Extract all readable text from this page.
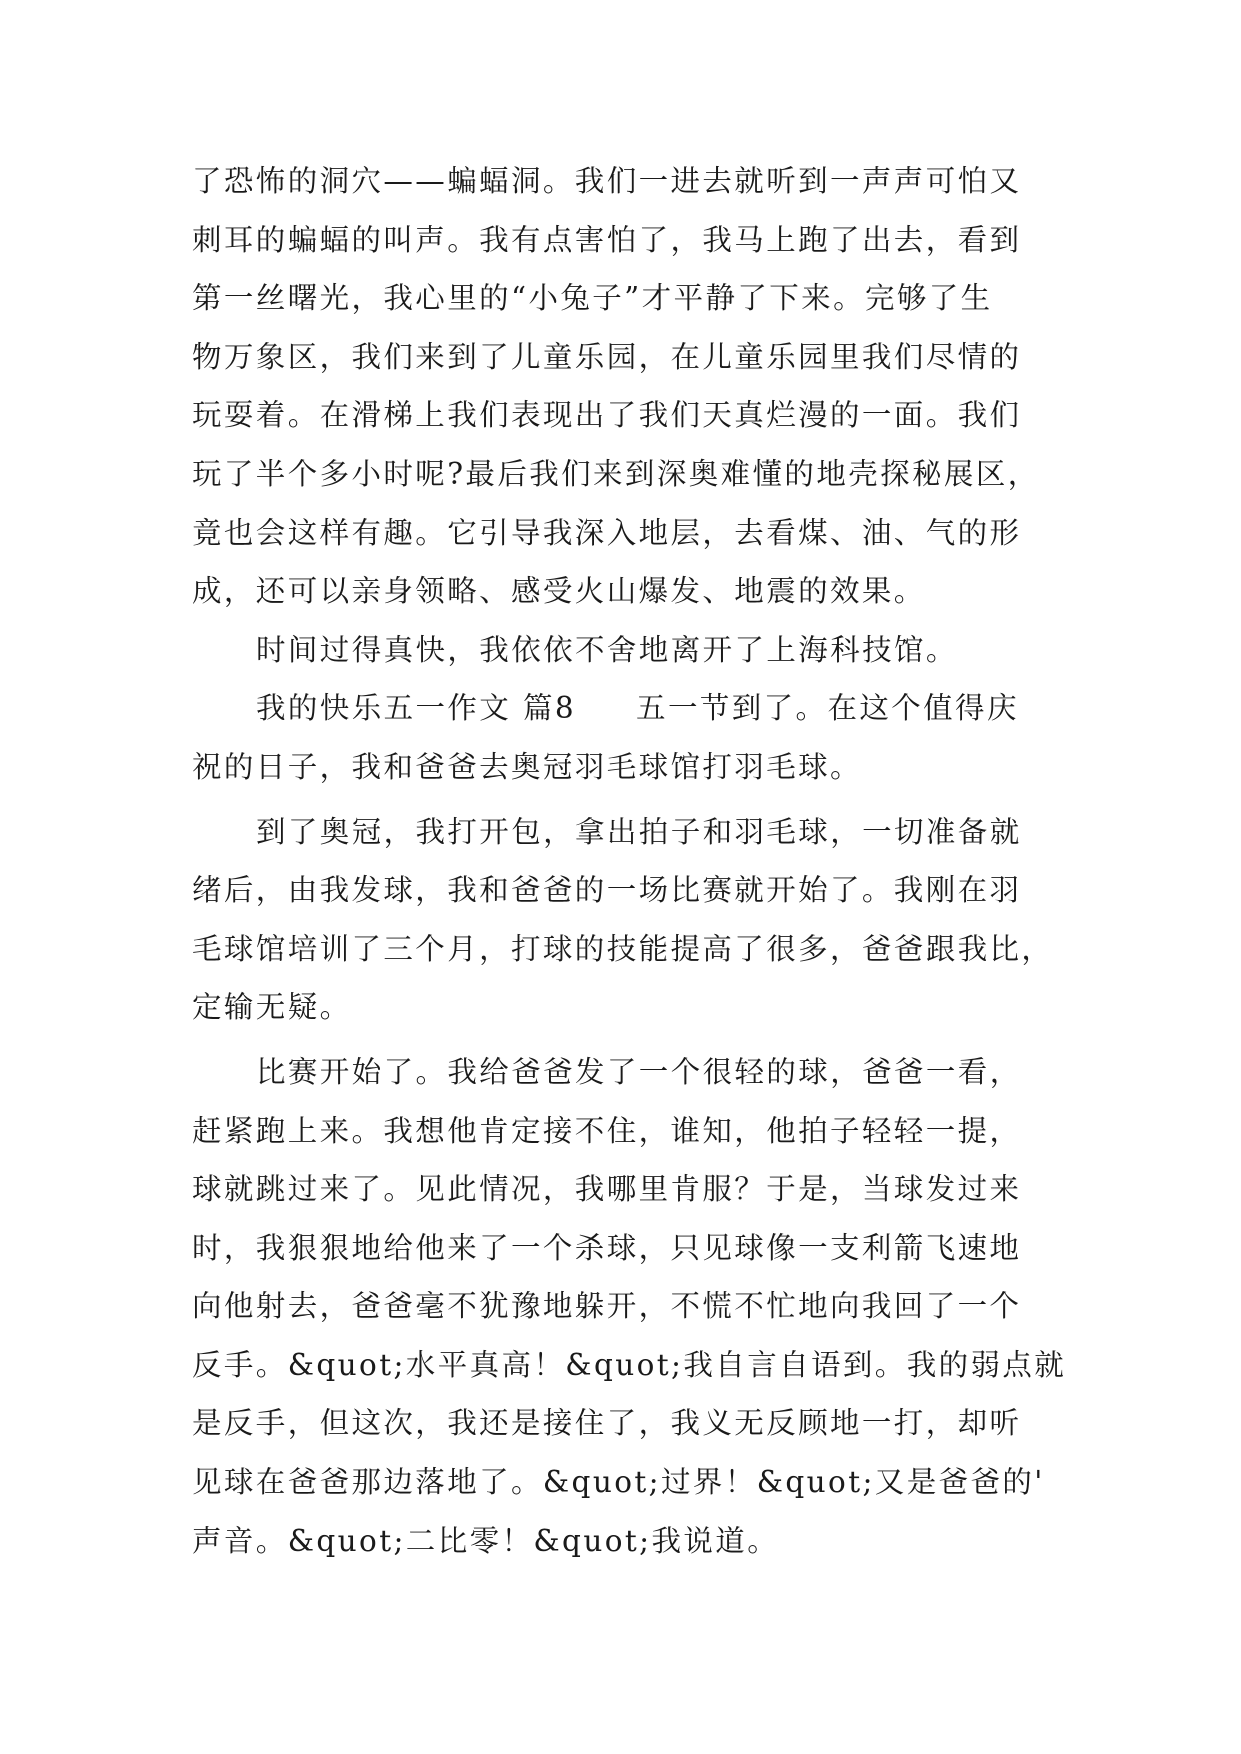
了恐怖的洞穴——蝙蝠洞。我们一进去就听到一声声可怕又
刺耳的蝙蝠的叫声。我有点害怕了，我马上跑了出去，看到
第一丝曙光，我心里的“小兔子”才平静了下来。完够了生
物万象区，我们来到了儿童乐园，在儿童乐园里我们尽情的
玩耍着。在滑梯上我们表现出了我们天真烂漫的一面。我们
玩了半个多小时呢?最后我们来到深奥难懂的地壳探秘展区，
竟也会这样有趣。它引导我深入地层，去看煤、油、气的形
成，还可以亲身领略、感受火山爆发、地震的效果。
时间过得真快，我依依不舍地离开了上海科技馆。
我的快乐五一作文 篇8 五一节到了。在这个值得庆
祝的日子，我和爸爸去奥冠羽毛球馆打羽毛球。
到了奥冠，我打开包，拿出拍子和羽毛球，一切准备就
绪后，由我发球，我和爸爸的一场比赛就开始了。我刚在羽
毛球馆培训了三个月，打球的技能提高了很多，爸爸跟我比，
定输无疑。
比赛开始了。我给爸爸发了一个很轻的球，爸爸一看，
赶紧跑上来。我想他肯定接不住，谁知，他拍子轻轻一提，
球就跳过来了。见此情况，我哪里肯服？于是，当球发过来
时，我狠狠地给他来了一个杀球，只见球像一支利箭飞速地
向他射去，爸爸毫不犹豫地躲开，不慌不忙地向我回了一个
反手。&quot;水平真高！&quot;我自言自语到。我的弱点就
是反手，但这次，我还是接住了，我义无反顾地一打，却听
见球在爸爸那边落地了。&quot;过界！&quot;又是爸爸的'
声音。&quot;二比零！&quot;我说道。
